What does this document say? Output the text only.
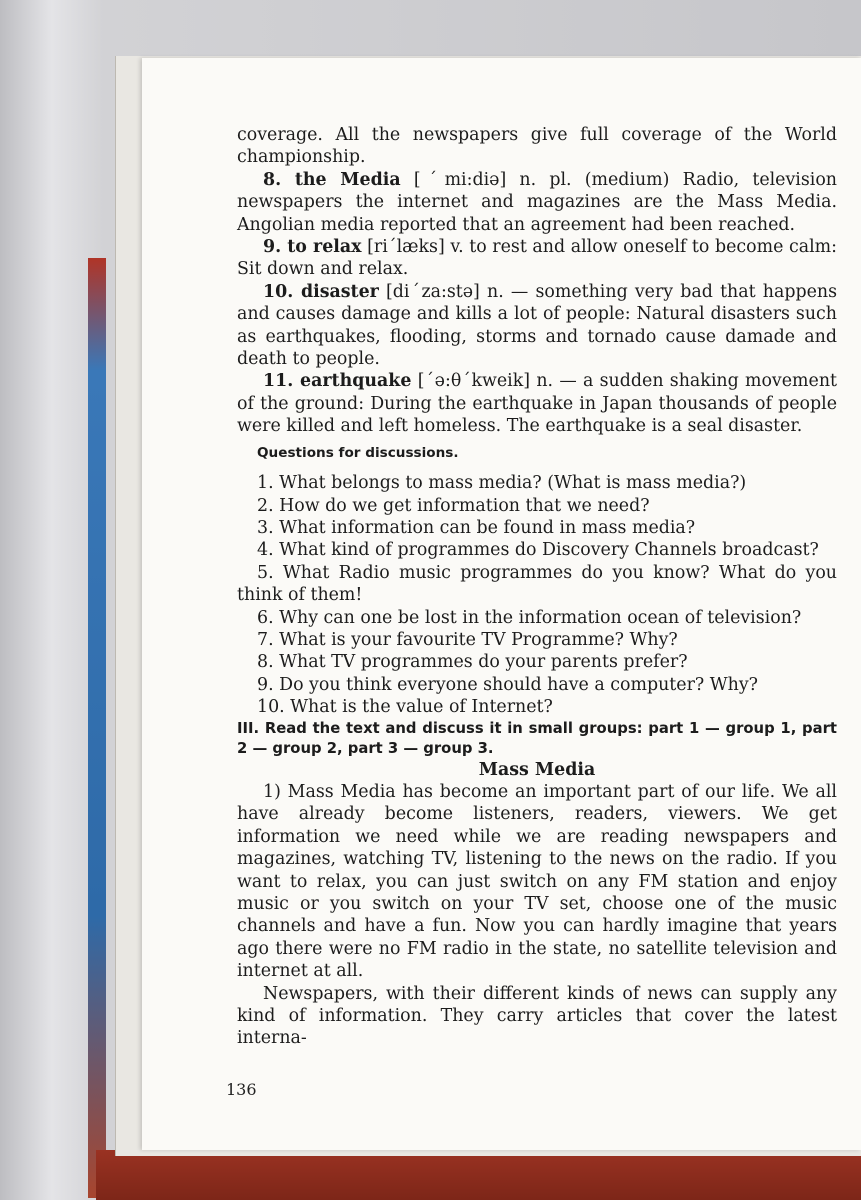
coverage. All the newspapers give full coverage of the World championship.

8. the Media [ˊmi:diə] n. pl. (medium) Radio, television newspapers the internet and magazines are the Mass Media. Angolian media reported that an agreement had been reached.

9. to relax [riˊlæks] v. to rest and allow oneself to become calm: Sit down and relax.

10. disaster [diˊza:stə] n. — something very bad that happens and causes damage and kills a lot of people: Natural disasters such as earthquakes, flooding, storms and tornado cause damade and death to people.

11. earthquake [ˊə:θˊkweik] n. — a sudden shaking movement of the ground: During the earthquake in Japan thousands of people were killed and left homeless. The earthquake is a seal disaster.

Questions for discussions.

1. What belongs to mass media? (What is mass media?)

2. How do we get information that we need?

3. What information can be found in mass media?

4. What kind of programmes do Discovery Channels broadcast?

5. What Radio music programmes do you know? What do you think of them!

6. Why can one be lost in the information ocean of television?

7. What is your favourite TV Programme? Why?

8. What TV programmes do your parents prefer?

9. Do you think everyone should have a computer? Why?

10. What is the value of Internet?

III. Read the text and discuss it in small groups: part 1 — group 1, part 2 — group 2, part 3 — group 3.

Mass Media

1) Mass Media has become an important part of our life. We all have already become listeners, readers, viewers. We get information we need while we are reading newspapers and magazines, watching TV, listening to the news on the radio. If you want to relax, you can just switch on any FM station and enjoy music or you switch on your TV set, choose one of the music channels and have a fun. Now you can hardly imagine that years ago there were no FM radio in the state, no satellite television and internet at all.

Newspapers, with their different kinds of news can supply any kind of information. They carry articles that cover the latest interna-

136
